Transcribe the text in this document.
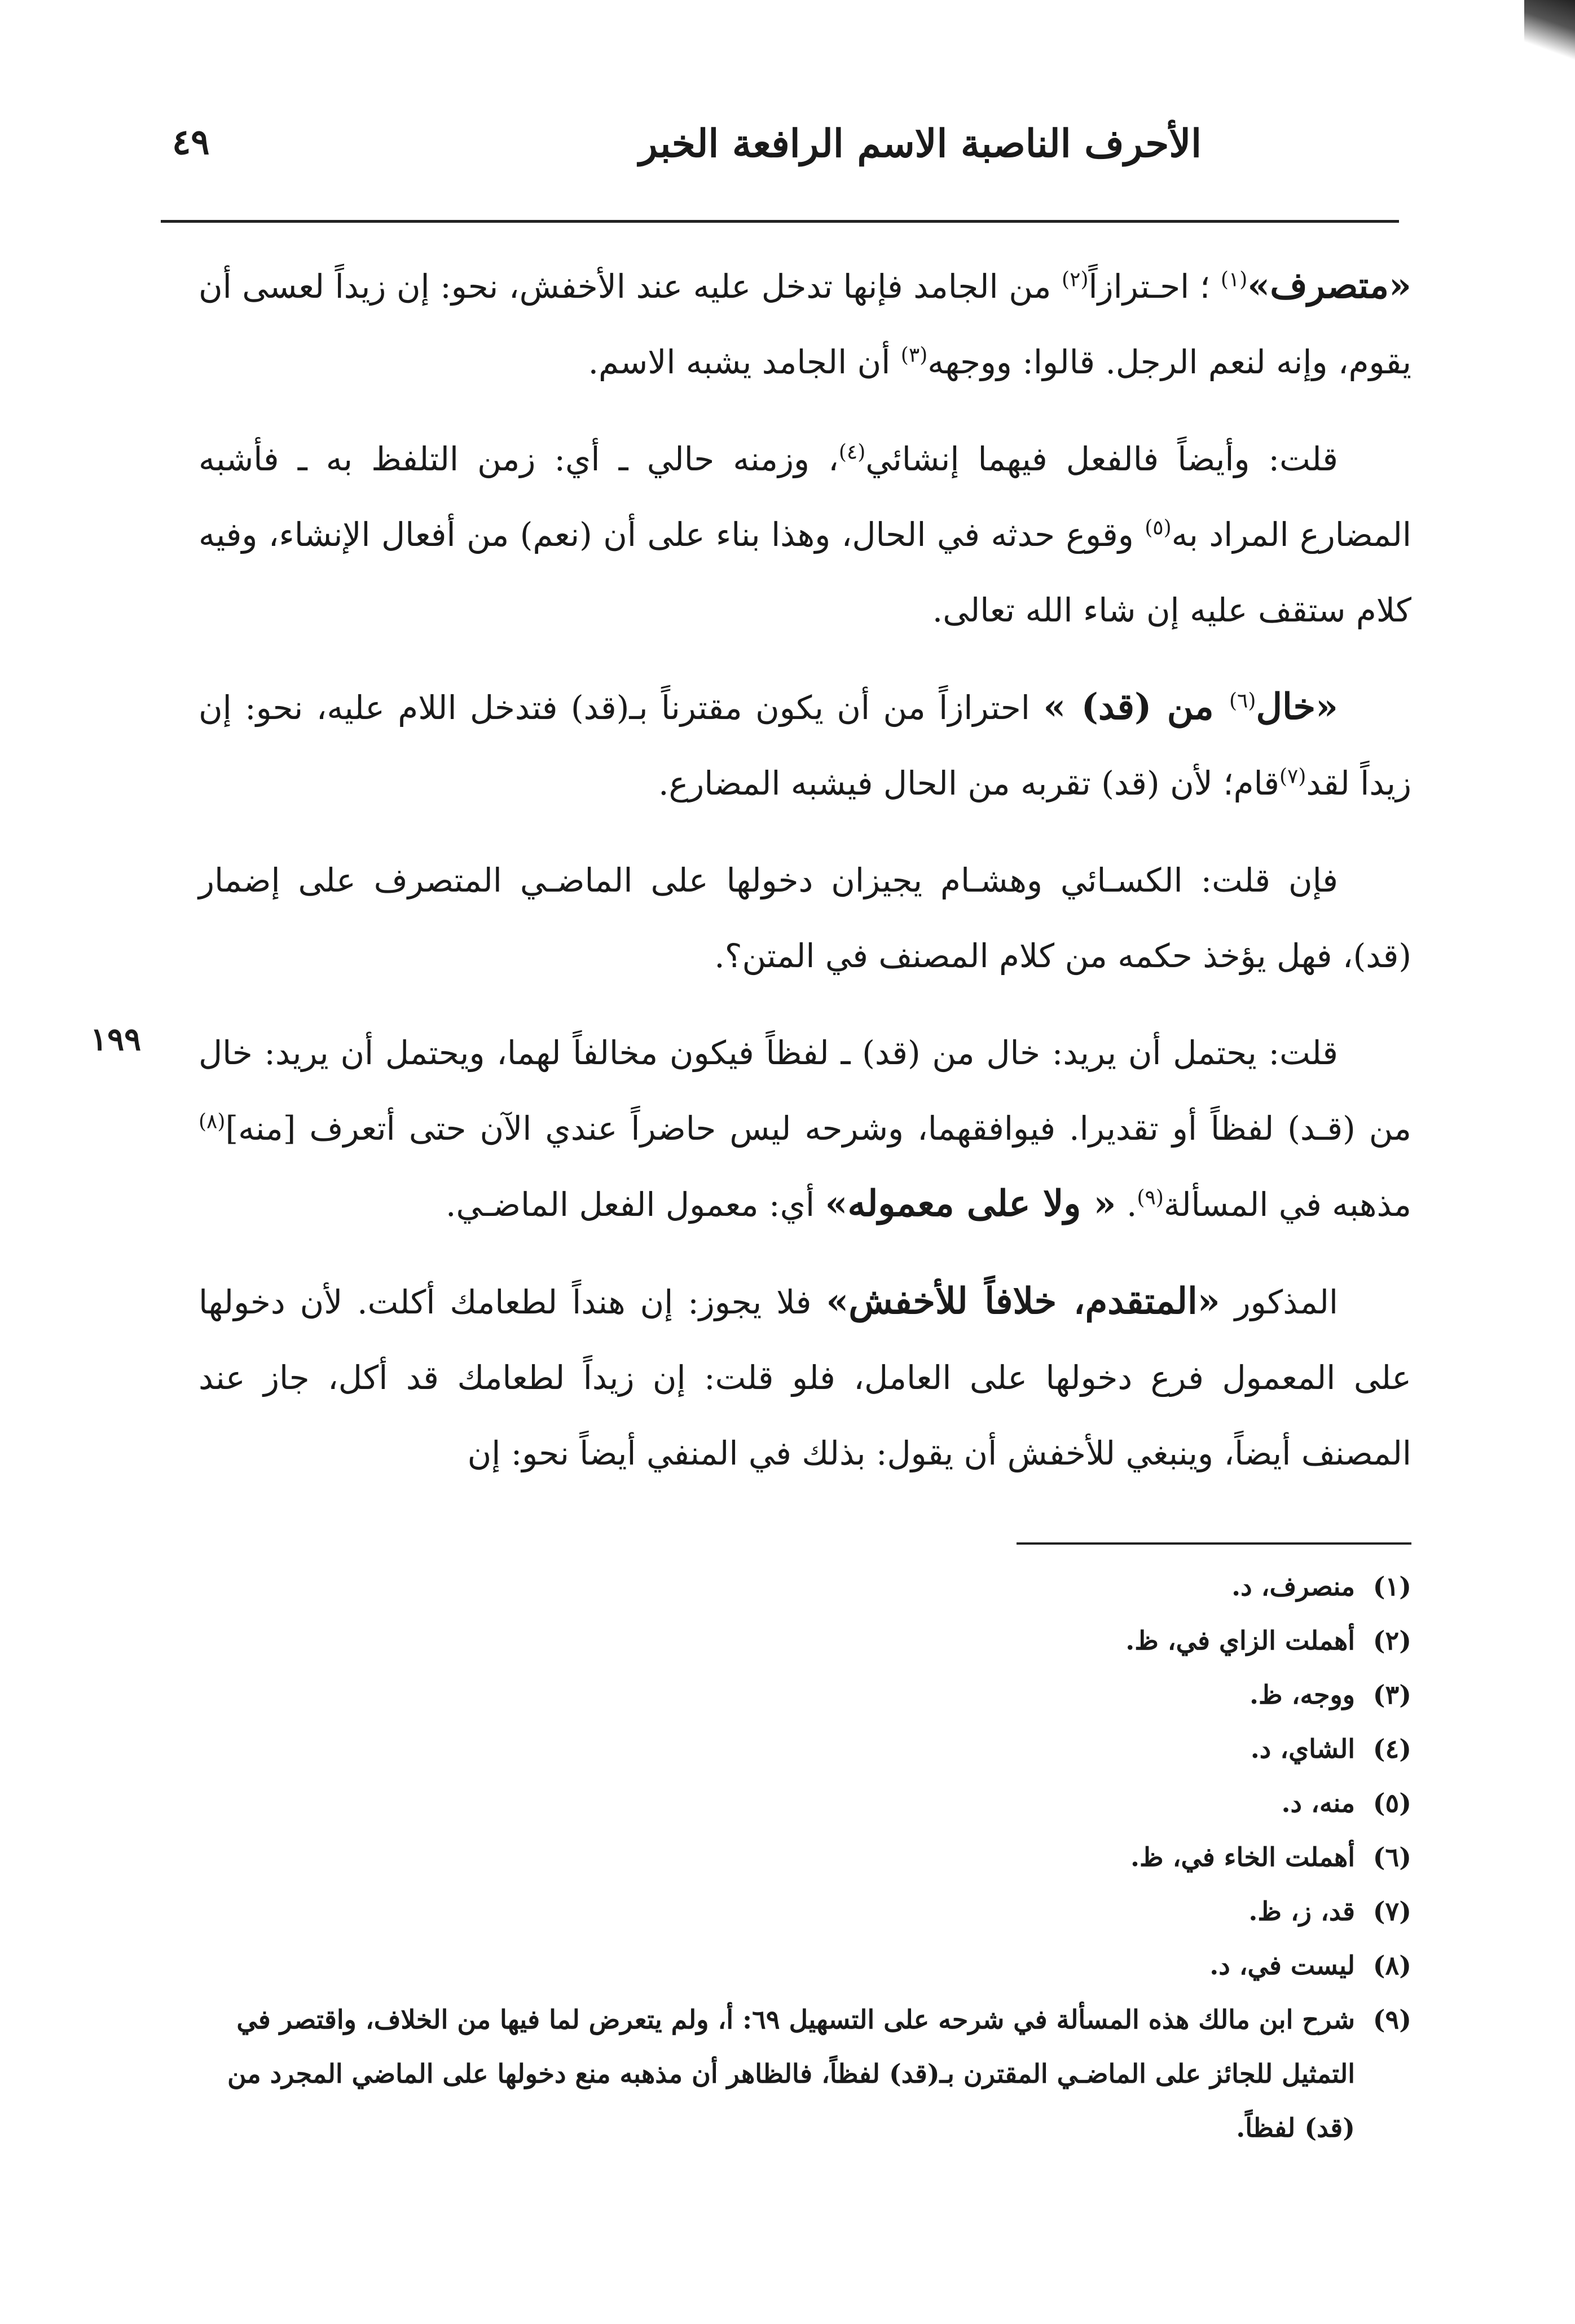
الأحرف الناصبة الاسم الرافعة الخبر
٤٩
١٩٩

«متصرف»$^{(١)}$ ؛ احـترازاً$^{(٢)}$ من الجامد فإنها تدخل عليه عند الأخفش، نحو: إن زيداً لعسى أن يقوم، وإنه لنعم الرجل. قالوا: ووجهه$^{(٣)}$ أن الجامد يشبه الاسم.

قلت: وأيضاً فالفعل فيهما إنشائي$^{(٤)}$، وزمنه حالي ـ أي: زمن التلفظ به ـ فأشبه المضارع المراد به$^{(٥)}$ وقوع حدثه في الحال، وهذا بناء على أن (نعم) من أفعال الإنشاء، وفيه كلام ستقف عليه إن شاء الله تعالى.

«خال$^{(٦)}$ من (قد) » احترازاً من أن يكون مقترناً بـ(قد) فتدخل اللام عليه، نحو: إن زيداً لقد$^{(٧)}$قام؛ لأن (قد) تقربه من الحال فيشبه المضارع.

فإن قلت: الكسـائي وهشـام يجيزان دخولها على الماضـي المتصرف على إضمار (قد)، فهل يؤخذ حكمه من كلام المصنف في المتن؟.

قلت: يحتمل أن يريد: خال من (قد) ـ لفظاً فيكون مخالفاً لهما، ويحتمل أن يريد: خال من (قـد) لفظاً أو تقديرا. فيوافقهما، وشرحه ليس حاضراً عندي الآن حتى أتعرف [منه]$^{(٨)}$ مذهبه في المسألة$^{(٩)}$. « ولا على معموله» أي: معمول الفعل الماضـي.

المذكور «المتقدم، خلافاً للأخفش» فلا يجوز: إن هنداً لطعامك أكلت. لأن دخولها على المعمول فرع دخولها على العامل، فلو قلت: إن زيداً لطعامك قد أكل، جاز عند المصنف أيضاً، وينبغي للأخفش أن يقول: بذلك في المنفي أيضاً نحو: إن

(١)
منصرف، د.
(٢)
أهملت الزاي في، ظ.
(٣)
ووجه، ظ.
(٤)
الشاي، د.
(٥)
منه، د.
(٦)
أهملت الخاء في، ظ.
(٧)
قد، ز، ظ.
(٨)
ليست في، د.
(٩)
شرح ابن مالك هذه المسألة في شرحه على التسهيل ٦٩: أ، ولم يتعرض لما فيها من الخلاف، واقتصر في التمثيل للجائز على الماضـي المقترن بـ(قد) لفظاً، فالظاهر أن مذهبه منع دخولها على الماضي المجرد من (قد) لفظاً.
